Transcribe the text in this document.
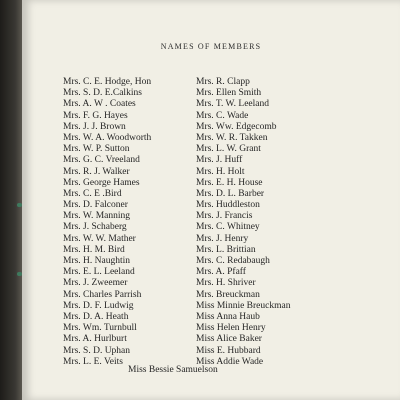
NAMES OF MEMBERS
Mrs. C. E. Hodge, Hon
Mrs. S. D. E.Calkins
Mrs. A. W . Coates
Mrs. F. G. Hayes
Mrs. J. J. Brown
Mrs. W. A. Woodworth
Mrs. W. P. Sutton
Mrs. G. C. Vreeland
Mrs. R. J. Walker
Mrs. George Hames
Mrs. C. E .Bird
Mrs. D. Falconer
Mrs. W. Manning
Mrs. J. Schaberg
Mrs. W. W. Mather
Mrs. H. M. Bird
Mrs. H. Naughtin
Mrs. E. L. Leeland
Mrs. J. Zweemer
Mrs. Charles Parrish
Mrs. D. F. Ludwig
Mrs. D. A. Heath
Mrs. Wm. Turnbull
Mrs. A. Hurlburt
Mrs. S. D. Uphan
Mrs. L. E. Veits
Mrs. R. Clapp
Mrs. Ellen Smith
Mrs. T. W. Leeland
Mrs. C. Wade
Mrs. Ww. Edgecomb
Mrs. W. R. Takken
Mrs. L. W. Grant
Mrs. J. Huff
Mrs. H. Holt
Mrs. E. H. House
Mrs. D. L. Barber
Mrs. Huddleston
Mrs. J. Francis
Mrs. C. Whitney
Mrs. J. Henry
Mrs. L. Brittian
Mrs. C. Redabaugh
Mrs. A. Pfaff
Mrs. H. Shriver
Mrs. Breuckman
Miss Minnie Breuckman
Miss Anna Haub
Miss Helen Henry
Miss Alice Baker
Miss E. Hubbard
Miss Addie Wade
Miss Bessie Samuelson
